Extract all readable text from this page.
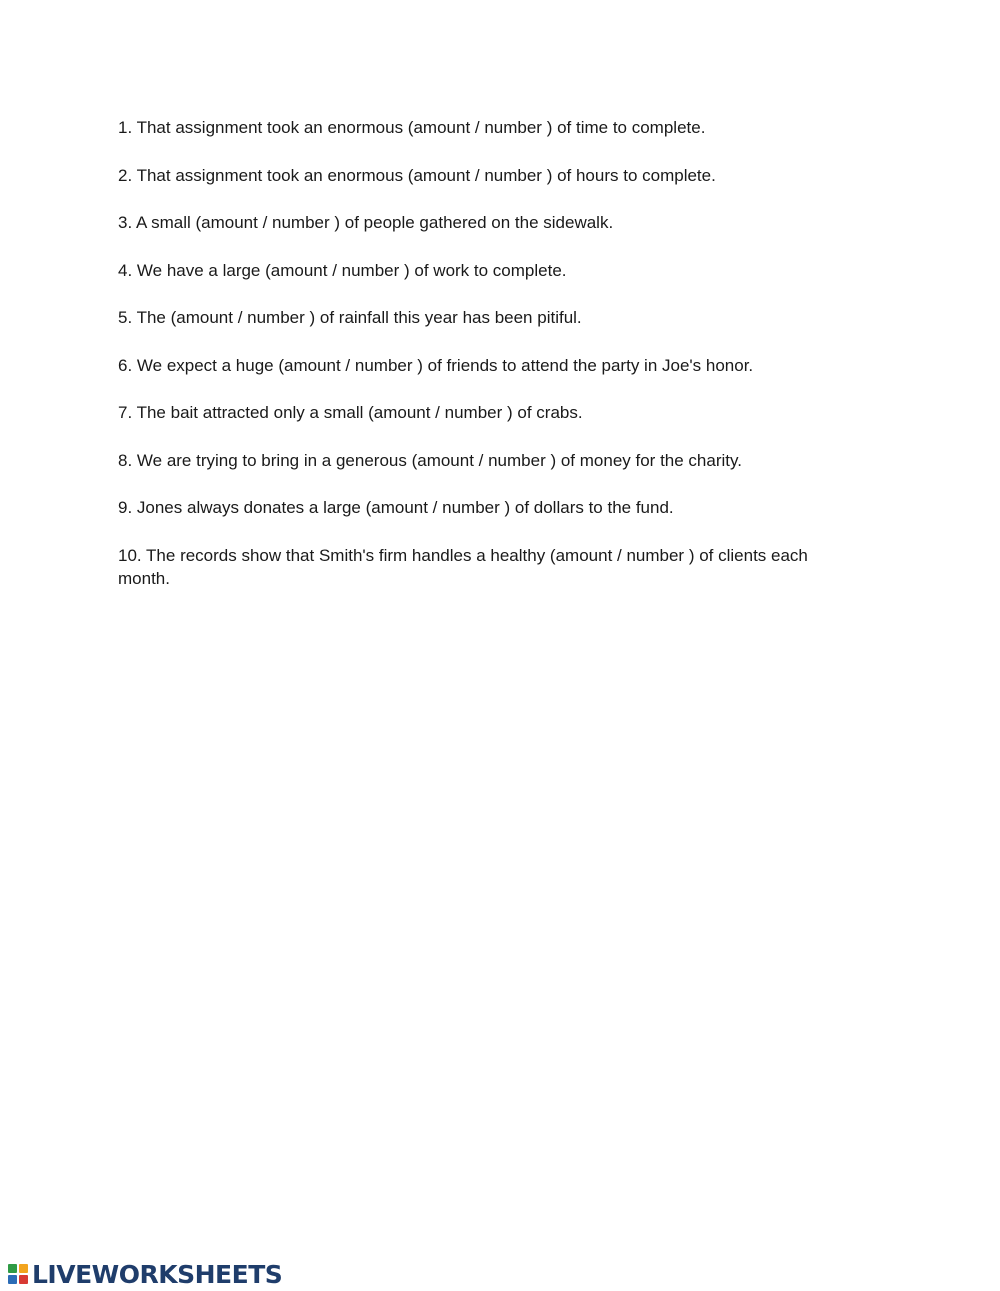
1. That assignment took an enormous (amount / number ) of time to complete.
2. That assignment took an enormous (amount / number ) of hours to complete.
3. A small (amount / number ) of people gathered on the sidewalk.
4. We have a large (amount / number ) of work to complete.
5. The (amount / number ) of rainfall this year has been pitiful.
6. We expect a huge (amount / number ) of friends to attend the party in Joe's honor.
7. The bait attracted only a small (amount / number ) of crabs.
8. We are trying to bring in a generous (amount / number ) of money for the charity.
9. Jones always donates a large (amount / number ) of dollars to the fund.
10. The records show that Smith's firm handles a healthy (amount / number ) of clients each month.
LIVEWORKSHEETS
